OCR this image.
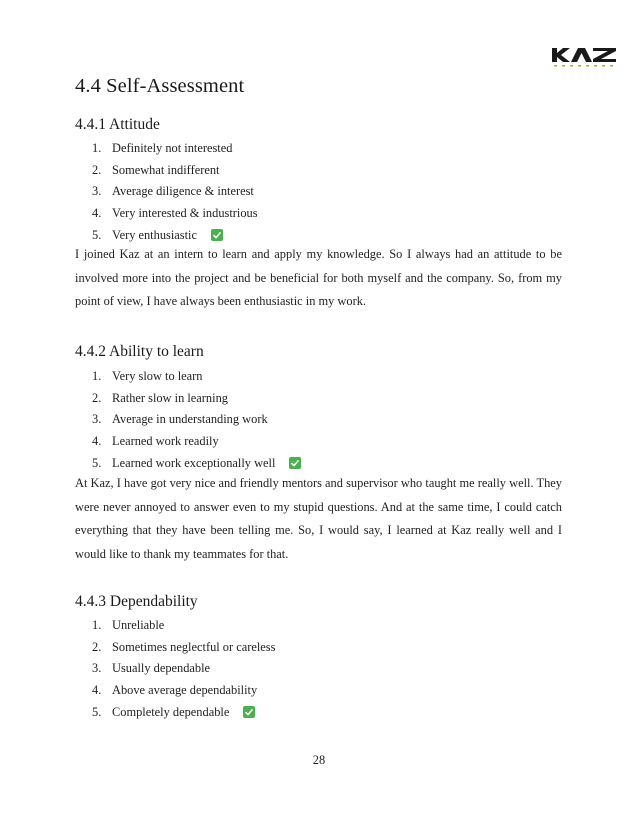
4.4 Self-Assessment
4.4.1 Attitude
1. Definitely not interested
2. Somewhat indifferent
3. Average diligence & interest
4. Very interested & industrious
5. Very enthusiastic

I joined Kaz at an intern to learn and apply my knowledge. So I always had an attitude to be involved more into the project and be beneficial for both myself and the company. So, from my point of view, I have always been enthusiastic in my work.

4.4.2 Ability to learn
1. Very slow to learn
2. Rather slow in learning
3. Average in understanding work
4. Learned work readily
5. Learned work exceptionally well

At Kaz, I have got very nice and friendly mentors and supervisor who taught me really well. They were never annoyed to answer even to my stupid questions. And at the same time, I could catch everything that they have been telling me. So, I would say, I learned at Kaz really well and I would like to thank my teammates for that.

4.4.3 Dependability
1. Unreliable
2. Sometimes neglectful or careless
3. Usually dependable
4. Above average dependability
5. Completely dependable
28
